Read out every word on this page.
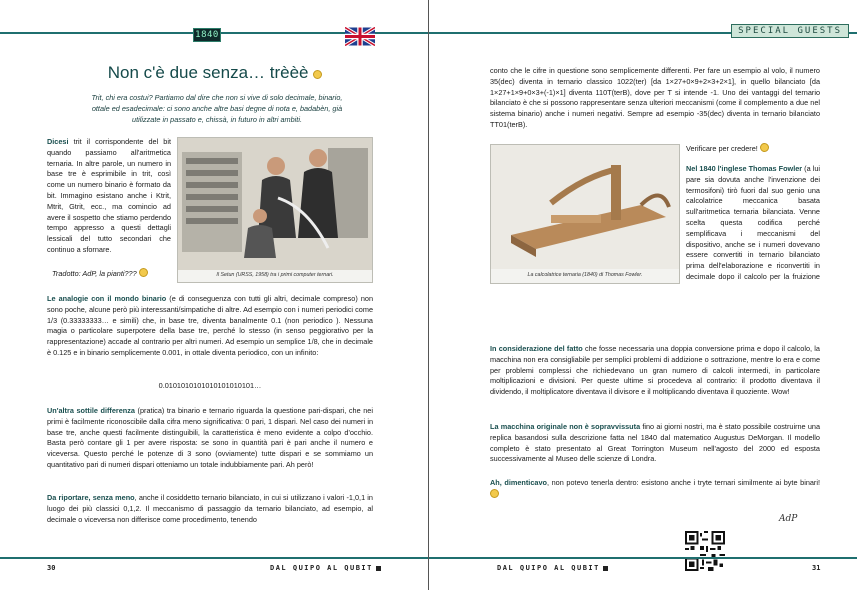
1840
Non c'è due senza… trèèè
Trit, chi era costui? Partiamo dal dire che non si vive di solo decimale, binario, ottale ed esadecimale: ci sono anche altre basi degne di nota e, badabèn, già utilizzate in passato e, chissà, in futuro in altri ambiti.
Dicesi trit il corrispondente del bit quando passiamo all'aritmetica ternaria. In altre parole, un numero in base tre è esprimibile in trit, così come un numero binario è formato da bit. Immagino esistano anche i Ktrit, Mtrit, Gtrit, ecc., ma comincio ad avere il sospetto che stiamo perdendo tempo appresso a questi dettagli lessicali del tutto secondari che continuo a sfornare.
Tradotto: AdP, la pianti???	Il Setun (URSS, 1958) tra i primi computer ternari.
Le analogie con il mondo binario (e di conseguenza con tutti gli altri, decimale compreso) non sono poche, alcune però più interessanti/simpatiche di altre. Ad esempio con i numeri periodici come 1/3 (0.33333333… e simili) che, in base tre, diventa banalmente 0.1 (non periodico ). Nessuna magia o particolare superpotere della base tre, perché lo stesso (in senso peggiorativo per la rappresentazione) accade al contrario per altri numeri. Ad esempio un semplice 1/8, che in decimale è 0.125 e in binario semplicemente 0.001, in ottale diventa periodico, con un infinito:
0.0101010101010101010101…
Un'altra sottile differenza (pratica) tra binario e ternario riguarda la questione pari-dispari, che nei primi è facilmente riconoscibile dalla cifra meno significativa: 0 pari, 1 dispari. Nel caso dei numeri in base tre, anche questi facilmente distinguibili, la caratteristica è meno evidente a colpo d'occhio. Basta però contare gli 1 per avere risposta: se sono in quantità pari è pari anche il numero e viceversa. Questo perché le potenze di 3 sono (ovviamente) tutte dispari e se sommiamo un quantitativo pari di numeri dispari otteniamo un totale indubbiamente pari. Ah però!
Da riportare, senza meno, anche il cosiddetto ternario bilanciato, in cui si utilizzano i valori -1,0,1 in luogo dei più classici 0,1,2. Il meccanismo di passaggio da ternario bilanciato, ad esempio, al decimale o viceversa non differisce come procedimento, tenendo
30	DAL QUIPO AL QUBIT
SPECIAL GUESTS
conto che le cifre in questione sono semplicemente differenti. Per fare un esempio al volo, il numero 35(dec) diventa in ternario classico 1022(ter) [da 1×27+0×9+2×3+2×1], in quello bilanciato [da 1×27+1×9+0×3+(-1)×1] diventa 110T(terB), dove per T si intende -1. Uno dei vantaggi del ternario bilanciato è che si possono rappresentare senza ulteriori meccanismi (come il complemento a due nel sistema binario) anche i numeri negativi. Sempre ad esempio -35(dec) diventa in ternario bilanciato TT01(terB).
La calcolatrice ternaria (1840) di Thomas Fowler.
Verificare per credere!
Nel 1840 l'inglese Thomas Fowler (a lui pare sia dovuta anche l'invenzione dei termosifoni) tirò fuori dal suo genio una calcolatrice meccanica basata sull'aritmetica ternaria bilanciata. Venne scelta questa codifica perché semplificava i meccanismi del dispositivo, anche se i numeri dovevano essere convertiti in ternario bilanciato prima dell'elaborazione e riconvertiti in decimale dopo il calcolo per la fruizione
In considerazione del fatto che fosse necessaria una doppia conversione prima e dopo il calcolo, la macchina non era consigliabile per semplici problemi di addizione o sottrazione, mentre lo era e come per problemi complessi che richiedevano un gran numero di calcoli intermedi, in particolare moltiplicazioni e divisioni. Per queste ultime si procedeva al contrario: il prodotto diventava il dividendo, il moltiplicatore diventava il divisore e il moltiplicando diventava il quoziente. Wow!
La macchina originale non è sopravvissuta fino ai giorni nostri, ma è stato possibile costruirne una replica basandosi sulla descrizione fatta nel 1840 dal matematico Augustus DeMorgan. Il modello completo è stato presentato al Great Torrington Museum nell'agosto del 2000 ed esposta successivamente al Museo delle scienze di Londra.
Ah, dimenticavo, non potevo tenerla dentro: esistono anche i tryte ternari similmente ai byte binari!
AdP
DAL QUIPO AL QUBIT	31
